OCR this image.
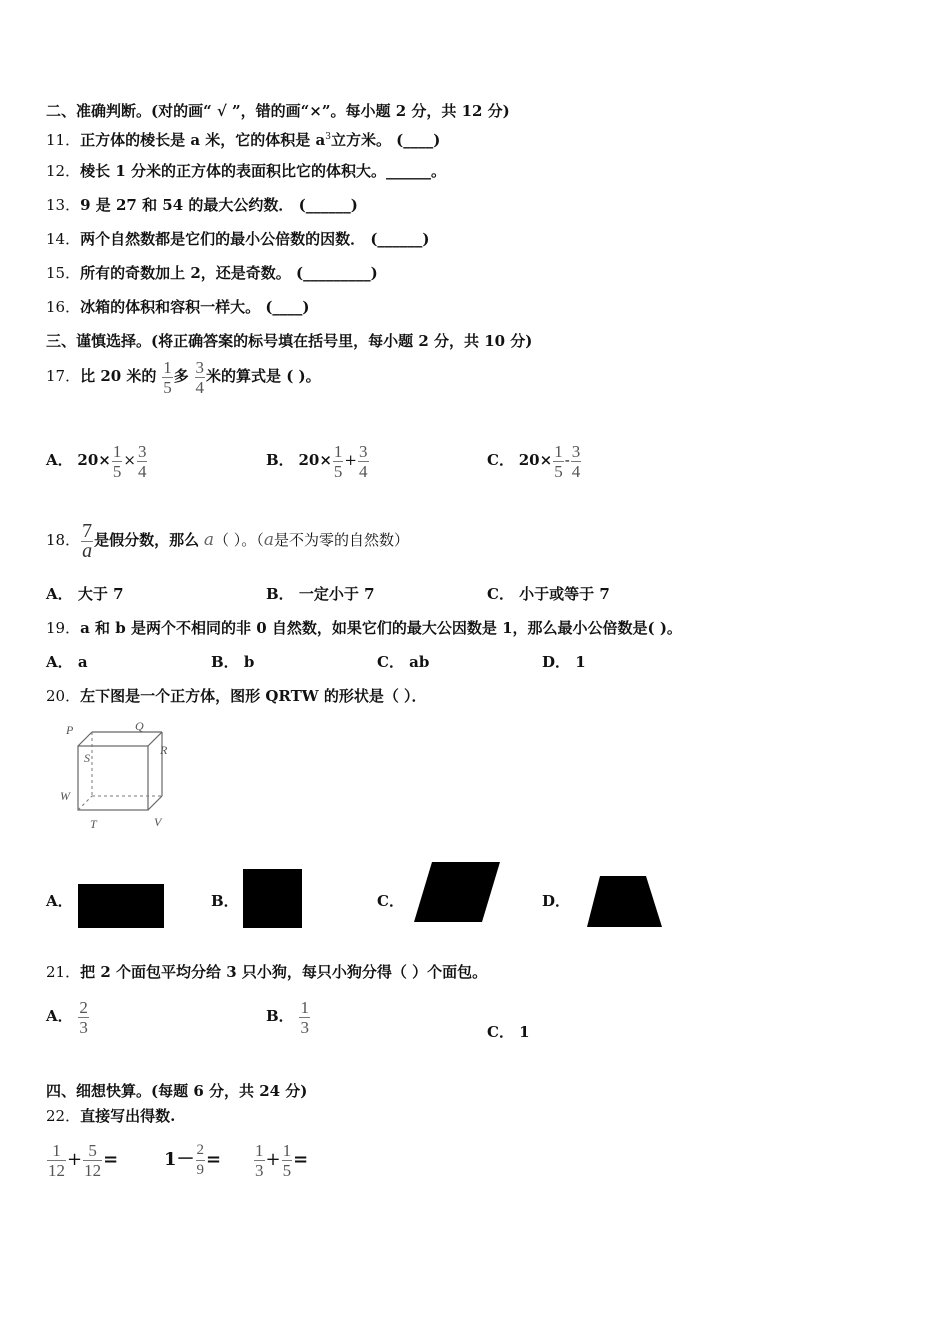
二、准确判断。(对的画“ √ ”，错的画“×”。每小题 2 分，共 12 分)
11．正方体的棱长是 a 米，它的体积是 $a^3$立方米。 (____)
12．棱长 1 分米的正方体的表面积比它的体积大。______。
13．9 是 27 和 54 的最大公约数． (______)
14．两个自然数都是它们的最小公倍数的因数． (______)
15．所有的奇数加上 2，还是奇数。 (_________)
16．冰箱的体积和容积一样大。 (____)
三、谨慎选择。(将正确答案的标号填在括号里，每小题 2 分，共 10 分)
17．比 20 米的 $\frac{1}{5}$ 多 $\frac{3}{4}$ 米的算式是 ( )。
A． $20\times \frac{1}{5} \times \frac{3}{4}$	B． $20\times \frac{1}{5} + \frac{3}{4}$	C． $20\times \frac{1}{5} - \frac{3}{4}$
18． $\frac{7}{a}$ 是假分数，那么 a（ ）。（a是不为零的自然数）
A． 大于 7	B． 一定小于 7	C． 小于或等于 7
19．a 和 b 是两个不相同的非 0 自然数，如果它们的最大公因数是 1，那么最小公倍数是( )。
A． a	B． b	C． ab	D． 1
20．左下图是一个正方体，图形 QRTW 的形状是（ ）．
P	Q
R
S
W
T	V
A．	B．	C．	D．
21．把 2 个面包平均分给 3 只小狗，每只小狗分得（ ）个面包。
A． $\frac{2}{3}$	B． $\frac{1}{3}$	C． 1
四、细想快算。(每题 6 分，共 24 分)
22．直接写出得数.
$\frac{1}{12} + \frac{5}{12}$ =	$1- \frac{2}{9} = \frac{1}{3} + \frac{1}{5}$ =
